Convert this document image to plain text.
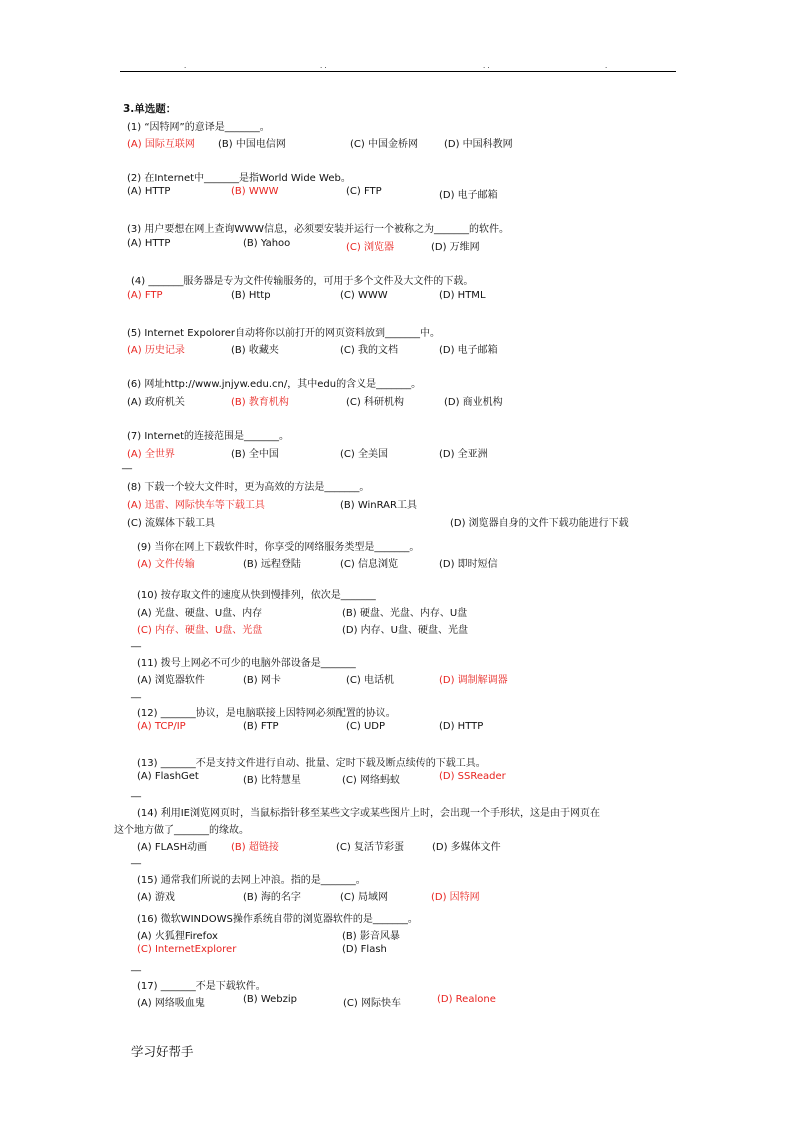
.	. .	. .	.
3.单选题：
(1) “因特网”的意译是_______。
(A) 国际互联网 (B) 中国电信网	(C) 中国金桥网	(D) 中国科教网
(2) 在Internet中_______是指World Wide Web。
(A) HTTP	(B) WWW	(C) FTP	(D) 电子邮箱
(3) 用户要想在网上查询WWW信息，必须要安装并运行一个被称之为_______的软件。
(A) HTTP	(B) Yahoo	(C) 浏览器	(D) 万维网
(4) _______服务器是专为文件传输服务的，可用于多个文件及大文件的下载。
(A) FTP	(B) Http	(C) WWW	(D) HTML
(5) Internet Expolorer自动将你以前打开的网页资料放到_______中。
(A) 历史记录	(B) 收藏夹	(C) 我的文档	(D) 电子邮箱
(6) 网址http://www.jnjyw.edu.cn/，其中edu的含义是_______。
(A) 政府机关	(B) 教育机构	(C) 科研机构	(D) 商业机构
(7) Internet的连接范围是_______。
(A) 全世界	(B) 全中国	(C) 全美国	(D) 全亚洲
__
(8) 下载一个较大文件时，更为高效的方法是_______。
(A) 迅雷、网际快车等下载工具	(B) WinRAR工具
(C) 流媒体下载工具	(D) 浏览器自身的文件下载功能进行下载
(9) 当你在网上下载软件时，你享受的网络服务类型是_______。
(A) 文件传输	(B) 远程登陆	(C) 信息浏览	(D) 即时短信
(10) 按存取文件的速度从快到慢排列，依次是_______
(A) 光盘、硬盘、U盘、内存	(B) 硬盘、光盘、内存、U盘
(C) 内存、硬盘、U盘、光盘	(D) 内存、U盘、硬盘、光盘
__
(11) 拨号上网必不可少的电脑外部设备是_______
(A) 浏览器软件	(B) 网卡	(C) 电话机	(D) 调制解调器
__
(12) _______协议，是电脑联接上因特网必须配置的协议。
(A) TCP/IP	(B) FTP	(C) UDP	(D) HTTP
(13) _______不是支持文件进行自动、批量、定时下载及断点续传的下载工具。
(A) FlashGet	(B) 比特慧星	(C) 网络蚂蚁	(D) SSReader
__
(14) 利用IE浏览网页时，当鼠标指针移至某些文字或某些图片上时，会出现一个手形状，这是由于网页在
这个地方做了_______的缘故。
(A) FLASH动画 (B) 超链接	(C) 复活节彩蛋	(D) 多媒体文件
__
(15) 通常我们所说的去网上冲浪。指的是_______。
(A) 游戏	(B) 海的名字	(C) 局域网	(D) 因特网
(16) 微软WINDOWS操作系统自带的浏览器软件的是_______。
(A) 火狐狸Firefox	(B) 影音风暴
(C) InternetExplorer	(D) Flash
__
(17) _______不是下载软件。
(A) 网络吸血鬼	(B) Webzip	(C) 网际快车	(D) Realone
学习好帮手
